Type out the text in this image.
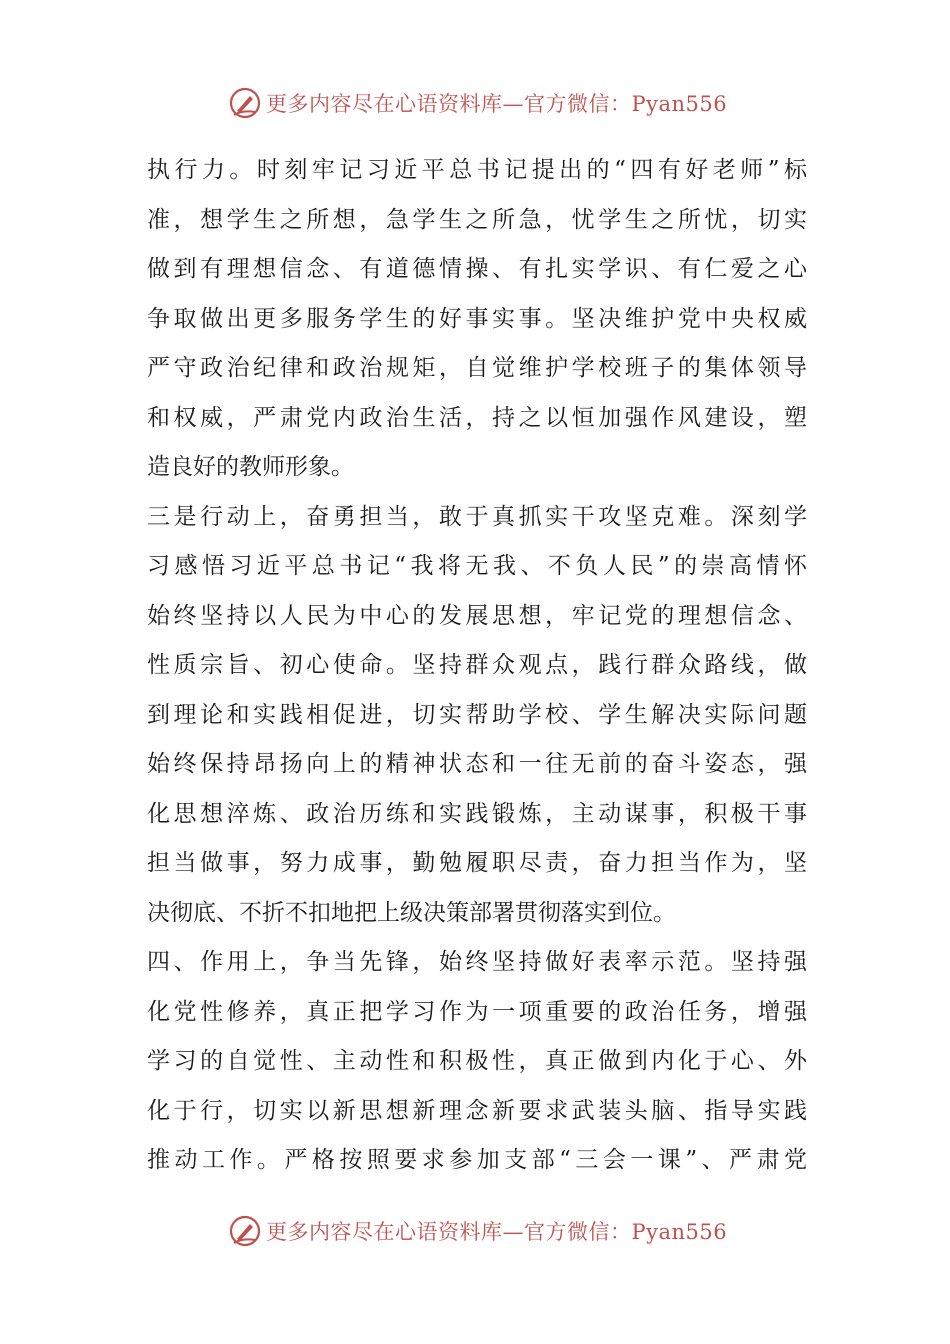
更多内容尽在心语资料库—官方微信：Pyan556
执行力。时刻牢记习近平总书记提出的“四有好老师”标
准，想学生之所想，急学生之所急，忧学生之所忧，切实
做到有理想信念、有道德情操、有扎实学识、有仁爱之心
争取做出更多服务学生的好事实事。坚决维护党中央权威
严守政治纪律和政治规矩，自觉维护学校班子的集体领导
和权威，严肃党内政治生活，持之以恒加强作风建设，塑
造良好的教师形象。
三是行动上，奋勇担当，敢于真抓实干攻坚克难。深刻学
习感悟习近平总书记“我将无我、不负人民”的崇高情怀
始终坚持以人民为中心的发展思想，牢记党的理想信念、
性质宗旨、初心使命。坚持群众观点，践行群众路线，做
到理论和实践相促进，切实帮助学校、学生解决实际问题
始终保持昂扬向上的精神状态和一往无前的奋斗姿态，强
化思想淬炼、政治历练和实践锻炼，主动谋事，积极干事
担当做事，努力成事，勤勉履职尽责，奋力担当作为，坚
决彻底、不折不扣地把上级决策部署贯彻落实到位。
四、作用上，争当先锋，始终坚持做好表率示范。坚持强
化党性修养，真正把学习作为一项重要的政治任务，增强
学习的自觉性、主动性和积极性，真正做到内化于心、外
化于行，切实以新思想新理念新要求武装头脑、指导实践
推动工作。严格按照要求参加支部“三会一课”、严肃党
更多内容尽在心语资料库—官方微信：Pyan556
